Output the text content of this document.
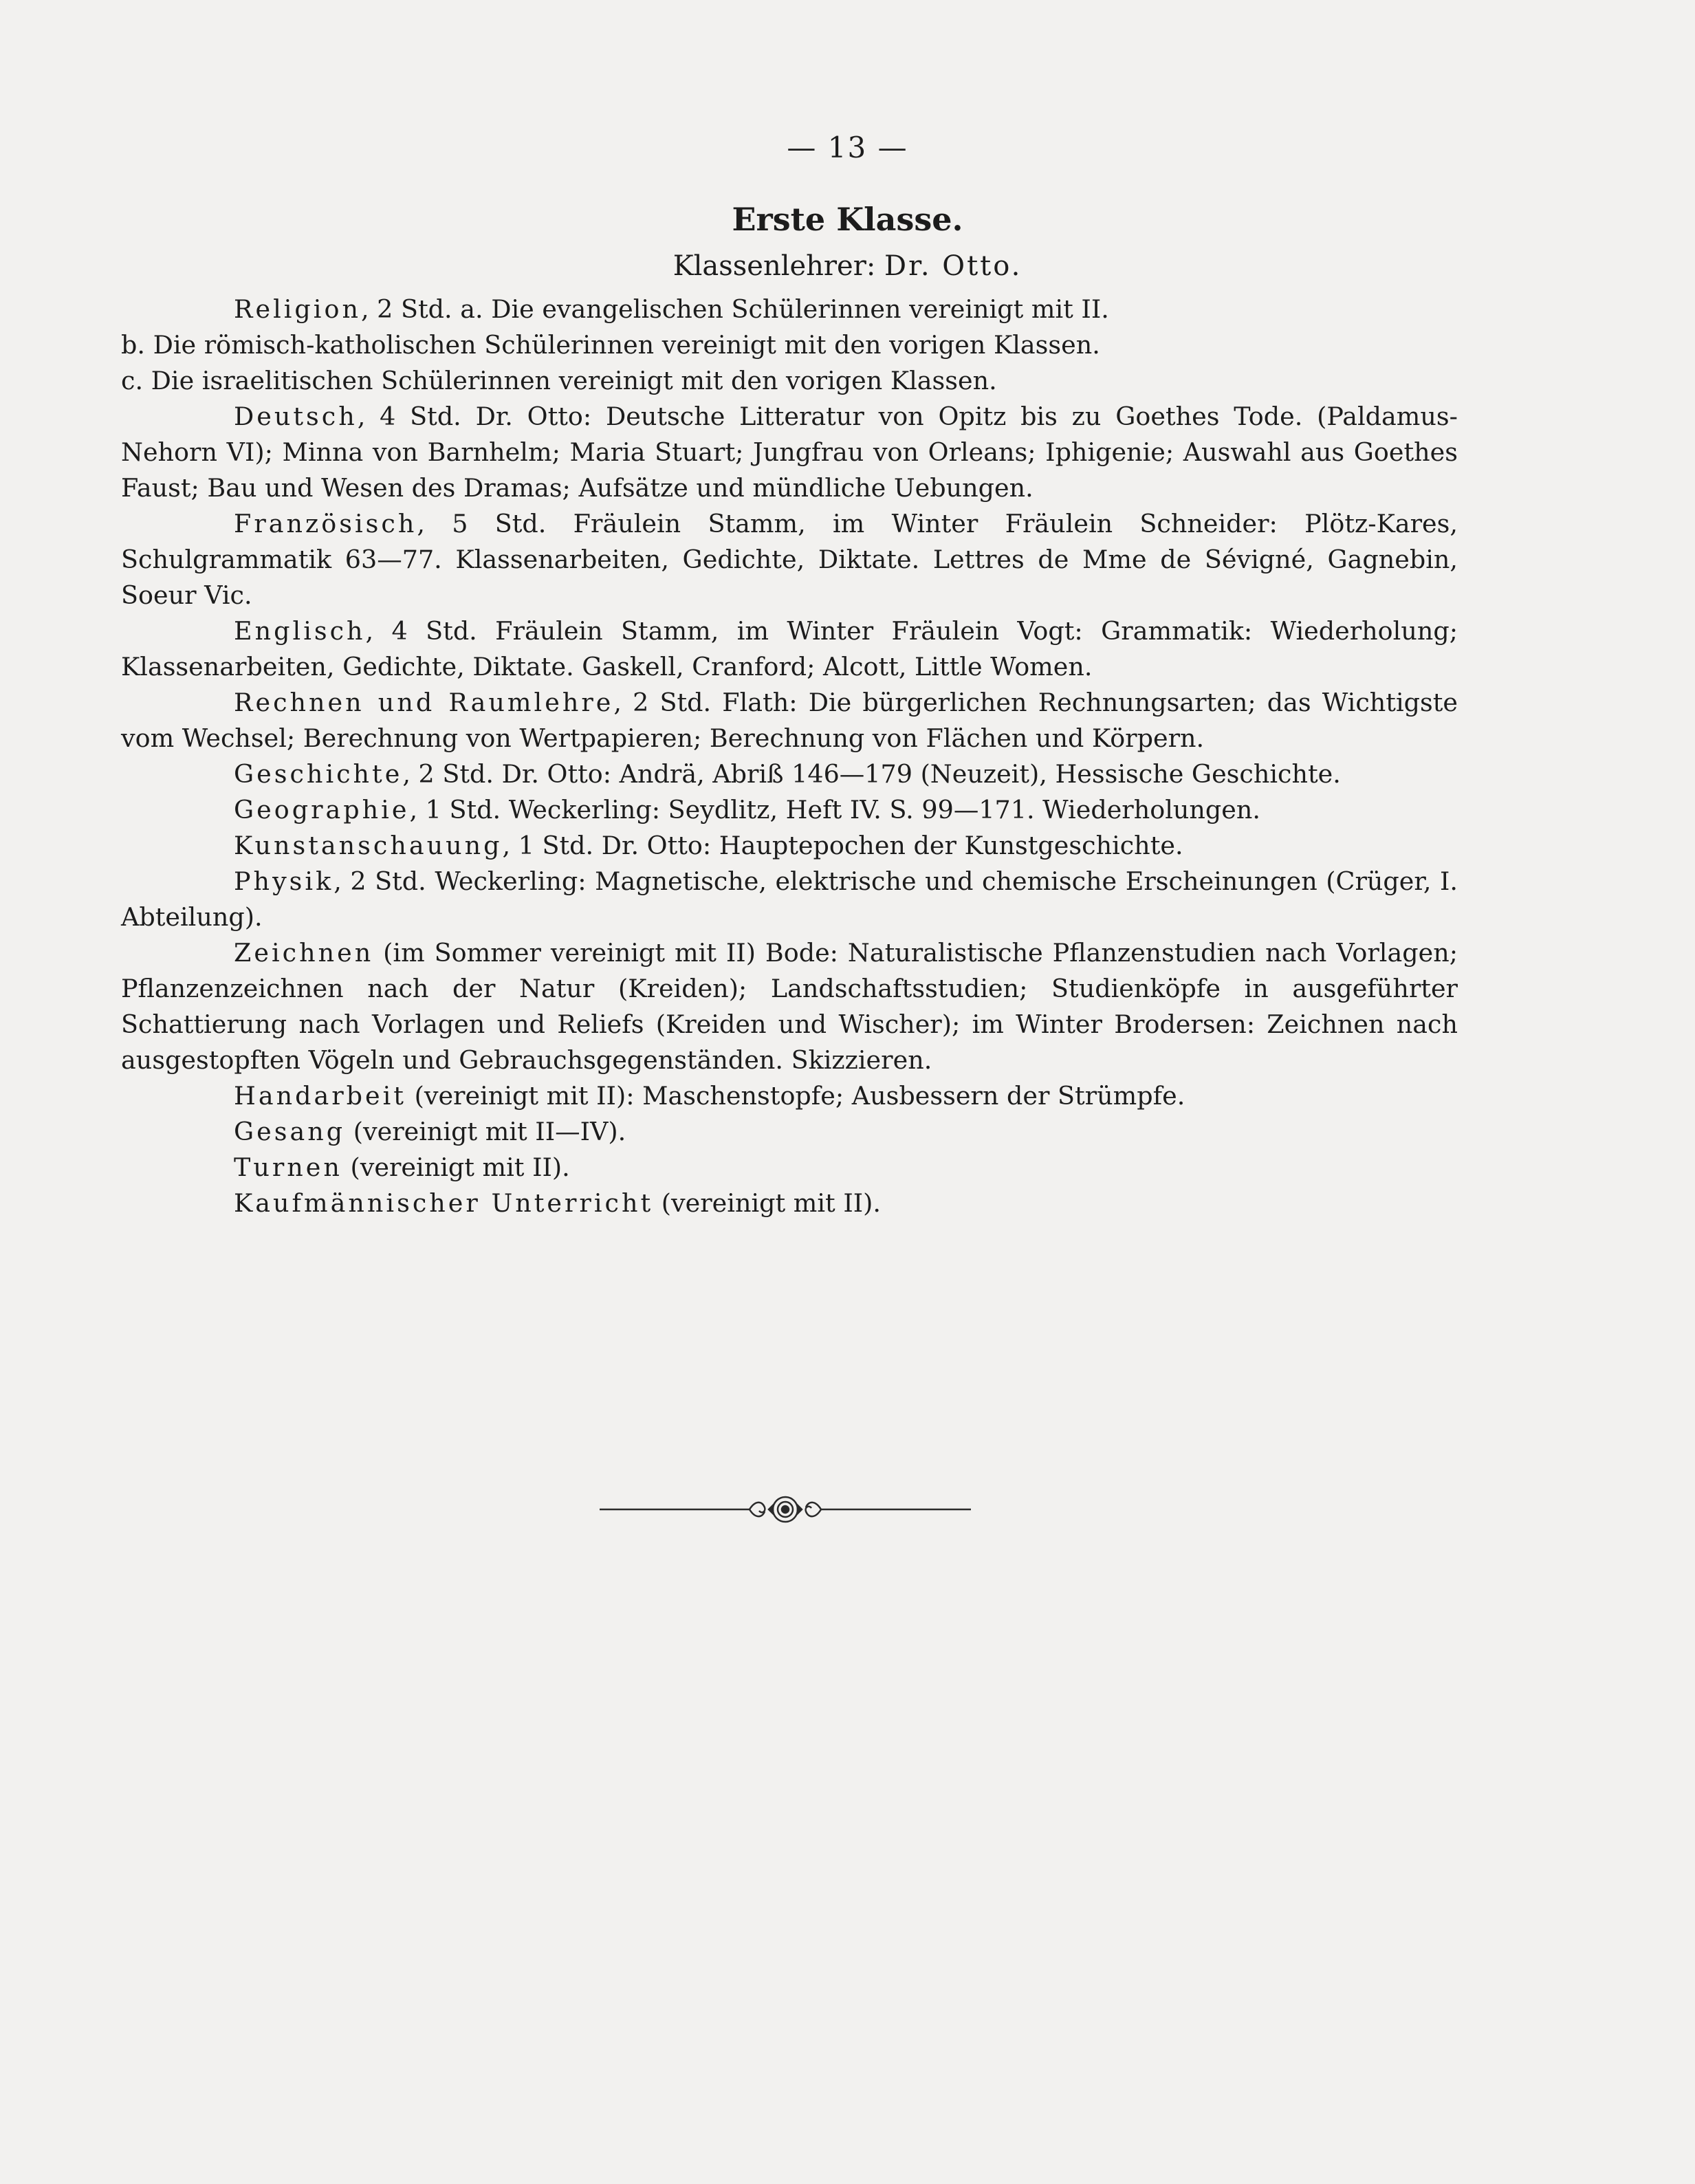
— 13 —
Erste Klasse.
Klassenlehrer: Dr. Otto.

Religion, 2 Std. a. Die evangelischen Schülerinnen vereinigt mit II.

b. Die römisch-katholischen Schülerinnen vereinigt mit den vorigen Klassen.

c. Die israelitischen Schülerinnen vereinigt mit den vorigen Klassen.

Deutsch, 4 Std. Dr. Otto: Deutsche Litteratur von Opitz bis zu Goethes Tode. (Paldamus-Nehorn VI); Minna von Barnhelm; Maria Stuart; Jungfrau von Orleans; Iphigenie; Auswahl aus Goethes Faust; Bau und Wesen des Dramas; Aufsätze und mündliche Uebungen.

Französisch, 5 Std. Fräulein Stamm, im Winter Fräulein Schneider: Plötz-Kares, Schulgrammatik 63—77. Klassenarbeiten, Gedichte, Diktate. Lettres de Mme de Sévigné, Gagnebin, Soeur Vic.

Englisch, 4 Std. Fräulein Stamm, im Winter Fräulein Vogt: Grammatik: Wiederholung; Klassenarbeiten, Gedichte, Diktate. Gaskell, Cranford; Alcott, Little Women.

Rechnen und Raumlehre, 2 Std. Flath: Die bürgerlichen Rechnungsarten; das Wichtigste vom Wechsel; Berechnung von Wertpapieren; Berechnung von Flächen und Körpern.

Geschichte, 2 Std. Dr. Otto: Andrä, Abriß 146—179 (Neuzeit), Hessische Geschichte.

Geographie, 1 Std. Weckerling: Seydlitz, Heft IV. S. 99—171. Wiederholungen.

Kunstanschauung, 1 Std. Dr. Otto: Hauptepochen der Kunstgeschichte.

Physik, 2 Std. Weckerling: Magnetische, elektrische und chemische Erscheinungen (Crüger, I. Abteilung).

Zeichnen (im Sommer vereinigt mit II) Bode: Naturalistische Pflanzenstudien nach Vorlagen; Pflanzenzeichnen nach der Natur (Kreiden); Landschaftsstudien; Studienköpfe in ausgeführter Schattierung nach Vorlagen und Reliefs (Kreiden und Wischer); im Winter Brodersen: Zeichnen nach ausgestopften Vögeln und Gebrauchsgegenständen. Skizzieren.

Handarbeit (vereinigt mit II): Maschenstopfe; Ausbessern der Strümpfe.

Gesang (vereinigt mit II—IV).

Turnen (vereinigt mit II).

Kaufmännischer Unterricht (vereinigt mit II).
